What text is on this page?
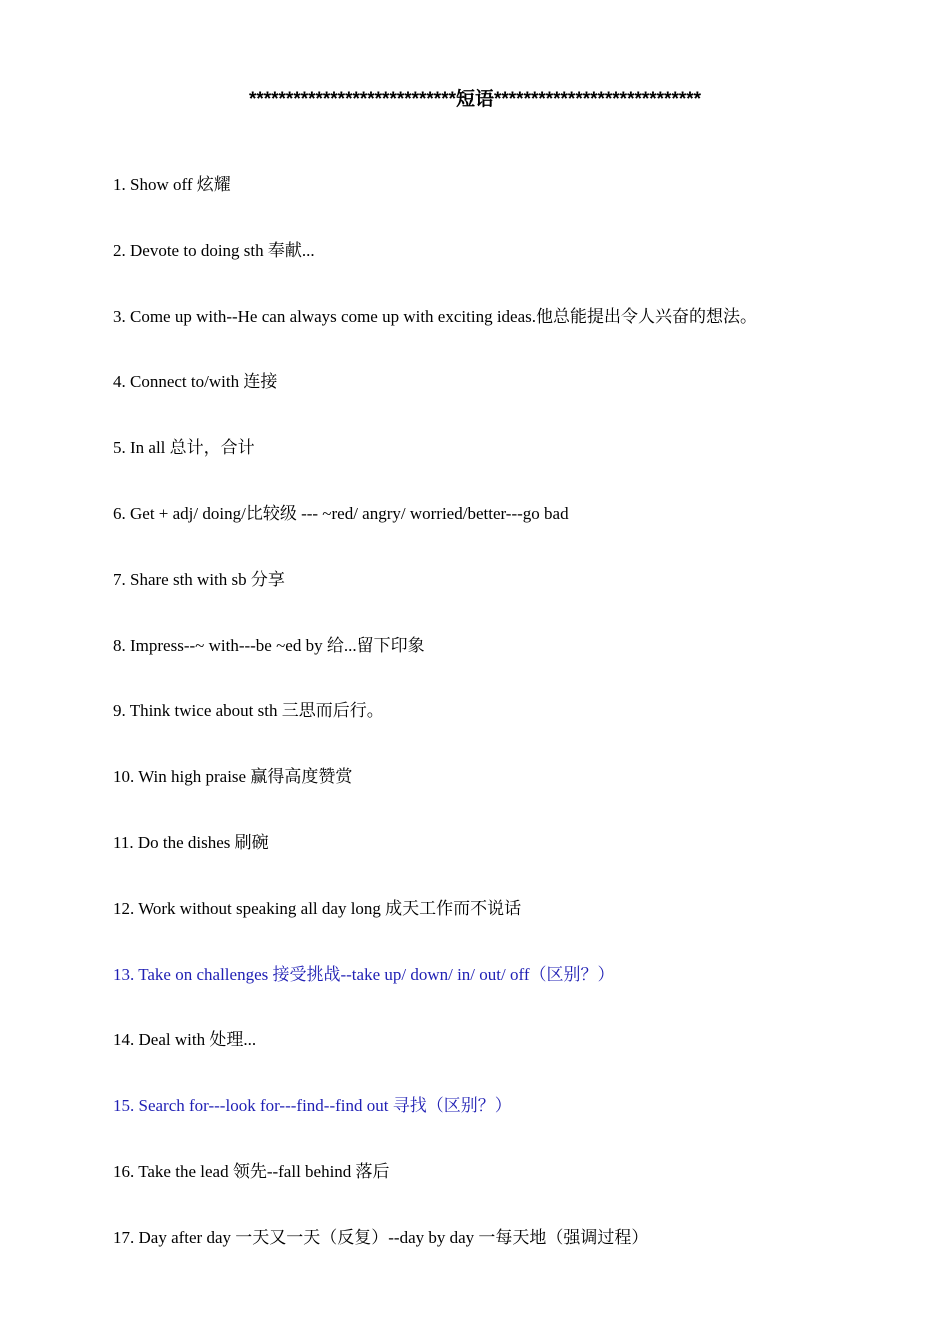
****************************短语****************************
1. Show off 炫耀
2. Devote to doing sth 奉献...
3. Come up with--He can always come up with exciting ideas.他总能提出令人兴奋的想法。
4. Connect to/with 连接
5. In all 总计，合计
6. Get + adj/ doing/比较级 --- ~red/ angry/ worried/better---go bad
7. Share sth with sb 分享
8. Impress--~ with---be ~ed by 给...留下印象
9. Think twice about sth 三思而后行。
10. Win high praise 赢得高度赞赏
11. Do the dishes 刷碗
12. Work without speaking all day long 成天工作而不说话
13. Take on challenges 接受挑战--take up/ down/ in/ out/ off（区别？）
14. Deal with 处理...
15. Search for---look for---find--find out 寻找（区别？）
16. Take the lead 领先--fall behind 落后
17. Day after day 一天又一天（反复）--day by day 一每天地（强调过程）
